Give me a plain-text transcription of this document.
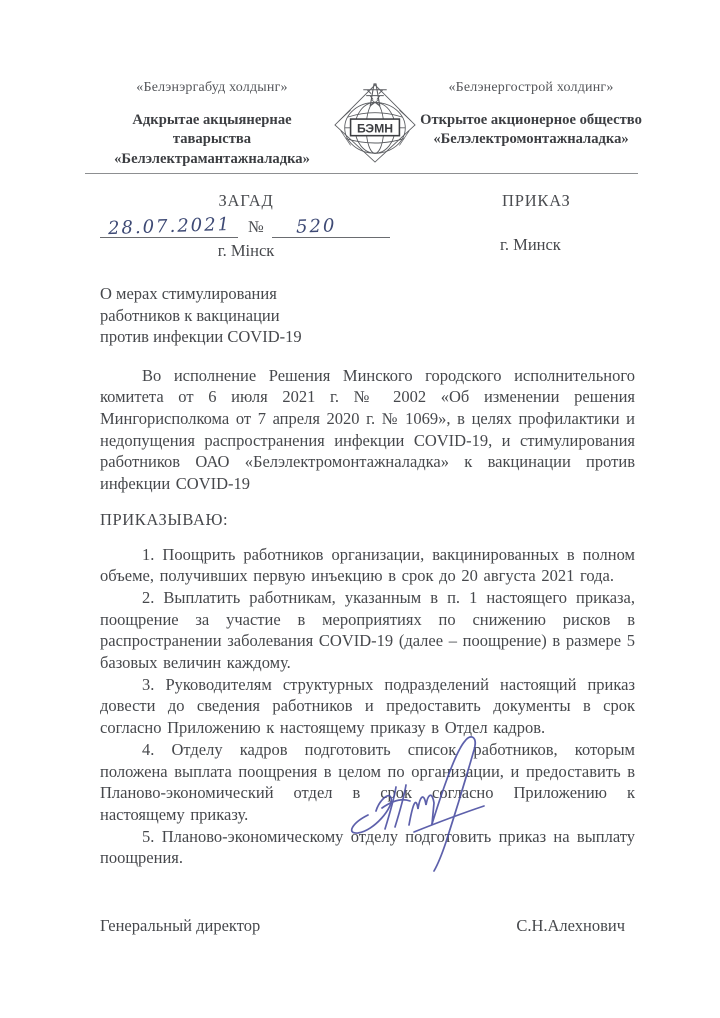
«Белэнэргабуд холдынг»
Адкрытае акцыянернае таварыства
«Белэлектрамантажналадка»
БЭМН
«Белэнергострой холдинг»
Открытое акционерное общество
«Белэлектромонтажналадка»
ЗАГАД
28.07.2021	№	520
г. Мінск
ПРИКАЗ
г. Минск
О мерах стимулирования
работников к вакцинации
против инфекции COVID-19

Во исполнение Решения Минского городского исполнительного комитета от 6 июля 2021 г. № 2002 «Об изменении решения Мингорисполкома от 7 апреля 2020 г. № 1069», в целях профилактики и недопущения распространения инфекции COVID-19, и стимулирования работников ОАО «Белэлектромонтажналадка» к вакцинации против инфекции COVID-19

ПРИКАЗЫВАЮ:

1. Поощрить работников организации, вакцинированных в полном объеме, получивших первую инъекцию в срок до 20 августа 2021 года.

2. Выплатить работникам, указанным в п. 1 настоящего приказа, поощрение за участие в мероприятиях по снижению рисков в распространении заболевания COVID-19 (далее – поощрение) в размере 5 базовых величин каждому.

3. Руководителям структурных подразделений настоящий приказ довести до сведения работников и предоставить документы в срок согласно Приложению к настоящему приказу в Отдел кадров.

4. Отделу кадров подготовить список работников, которым положена выплата поощрения в целом по организации, и предоставить в Планово-экономический отдел в срок согласно Приложению к настоящему приказу.

5. Планово-экономическому отделу подготовить приказ на выплату поощрения.

Генеральный директор	С.Н.Алехнович
